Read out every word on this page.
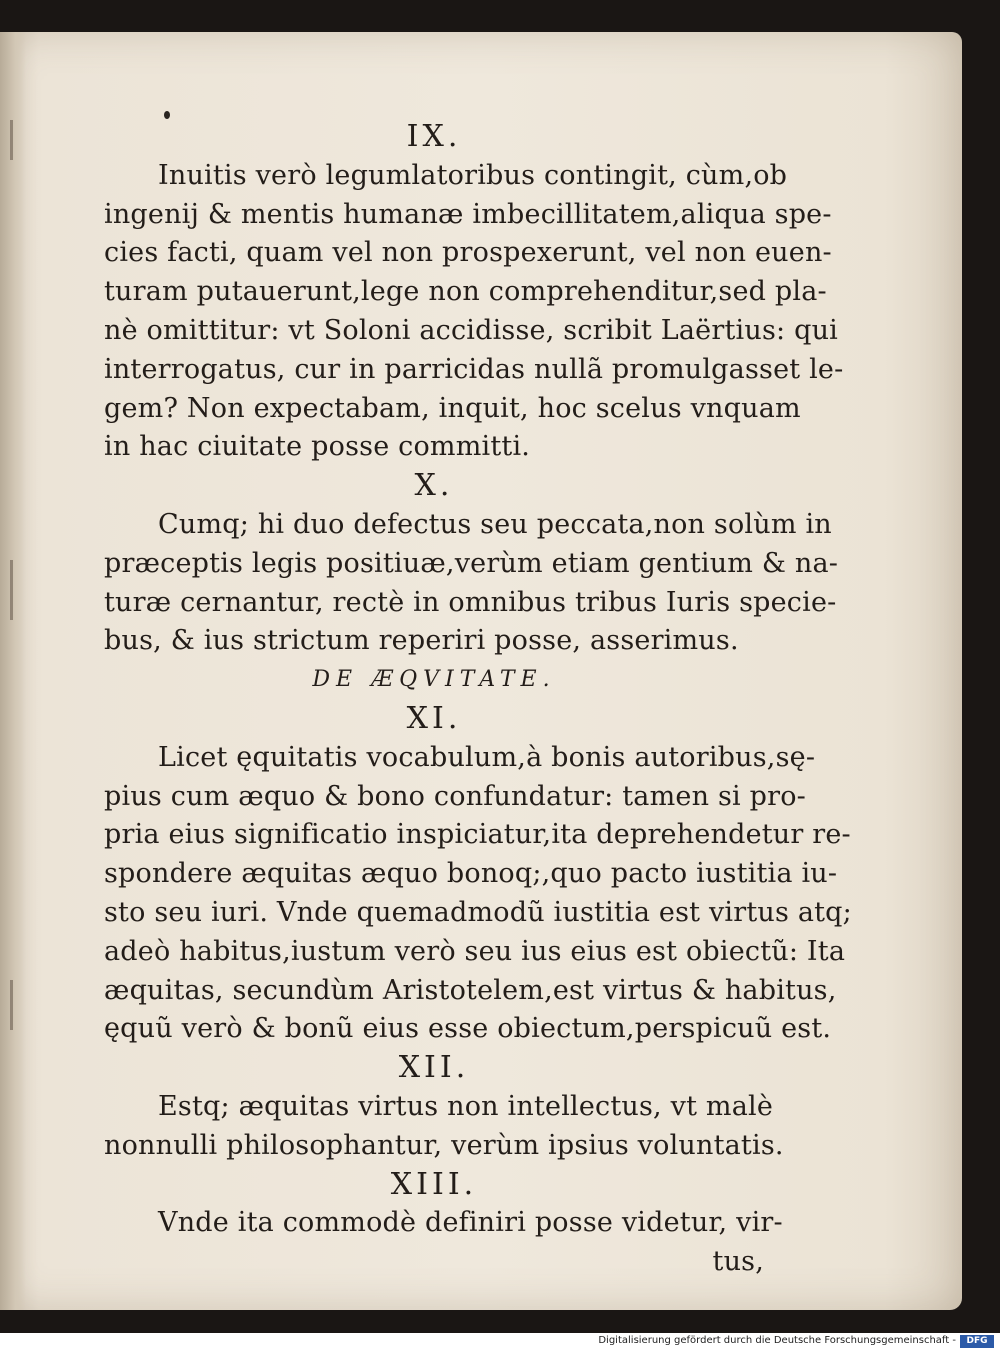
IX.
Inuitis verò legumlatoribus contingit, cùm,ob
ingenij & mentis humanæ imbecillitatem,aliqua spe-
cies facti, quam vel non prospexerunt, vel non euen-
turam putauerunt,lege non comprehenditur,sed pla-
nè omittitur: vt Soloni accidisse, scribit Laërtius: qui
interrogatus, cur in parricidas nullã promulgasset le-
gem? Non expectabam, inquit, hoc scelus vnquam
in hac ciuitate posse committi.
X.
Cumq; hi duo defectus seu peccata,non solùm in
præceptis legis positiuæ,verùm etiam gentium & na-
turæ cernantur, rectè in omnibus tribus Iuris specie-
bus, & ius strictum reperiri posse, asserimus.
DE ÆQVITATE.
XI.
Licet ęquitatis vocabulum,à bonis autoribus,sę-
pius cum æquo & bono confundatur: tamen si pro-
pria eius significatio inspiciatur,ita deprehendetur re-
spondere æquitas æquo bonoq;,quo pacto iustitia iu-
sto seu iuri. Vnde quemadmodũ iustitia est virtus atq;
adeò habitus,iustum verò seu ius eius est obiectũ: Ita
æquitas, secundùm Aristotelem,est virtus & habitus,
ęquũ verò & bonũ eius esse obiectum,perspicuũ est.
XII.
Estq; æquitas virtus non intellectus, vt malè
nonnulli philosophantur, verùm ipsius voluntatis.
XIII.
Vnde ita commodè definiri posse videtur, vir-
tus,
Digitalisierung gefördert durch die Deutsche Forschungsgemeinschaft -	DFG
